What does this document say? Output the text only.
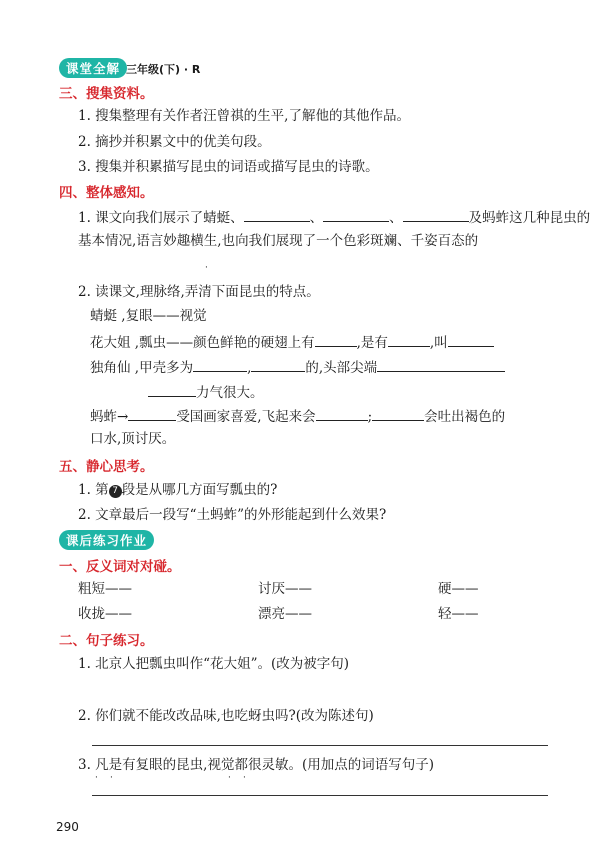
课堂全解 三年级(下) · R
三、搜集资料。
1. 搜集整理有关作者汪曾祺的生平,了解他的其他作品。
2. 摘抄并积累文中的优美句段。
3. 搜集并积累描写昆虫的词语或描写昆虫的诗歌。
四、整体感知。
1. 课文向我们展示了蜻蜓、	、	、	及蚂蚱这几种昆虫的
基本情况,语言妙趣横生,也向我们展现了一个色彩斑斓、千姿百态的
·
2. 读课文,理脉络,弄清下面昆虫的特点。
蜻蜓 ,复眼——视觉
花大姐 ,瓢虫——颜色鲜艳的硬翅上有	,是有	,叫
独角仙 ,甲壳多为	,	的,头部尖端
力气很大。
蚂蚱→	受国画家喜爱,飞起来会	;	会吐出褐色的
口水,顶讨厌。
五、静心思考。
1. 第 7 段是从哪几方面写瓢虫的?
2. 文章最后一段写“土蚂蚱”的外形能起到什么效果?
课后练习作业
一、反义词对对碰。
粗短——	讨厌——	硬——
收拢——	漂亮——	轻——
二、句子练习。
1. 北京人把瓢虫叫作“花大姐”。(改为被字句)
2. 你们就不能改改品味,也吃蚜虫吗?(改为陈述句)
3. 凡是有复眼的昆虫,视觉都很灵敏。(用加点的词语写句子)
· ·	· ·
290
